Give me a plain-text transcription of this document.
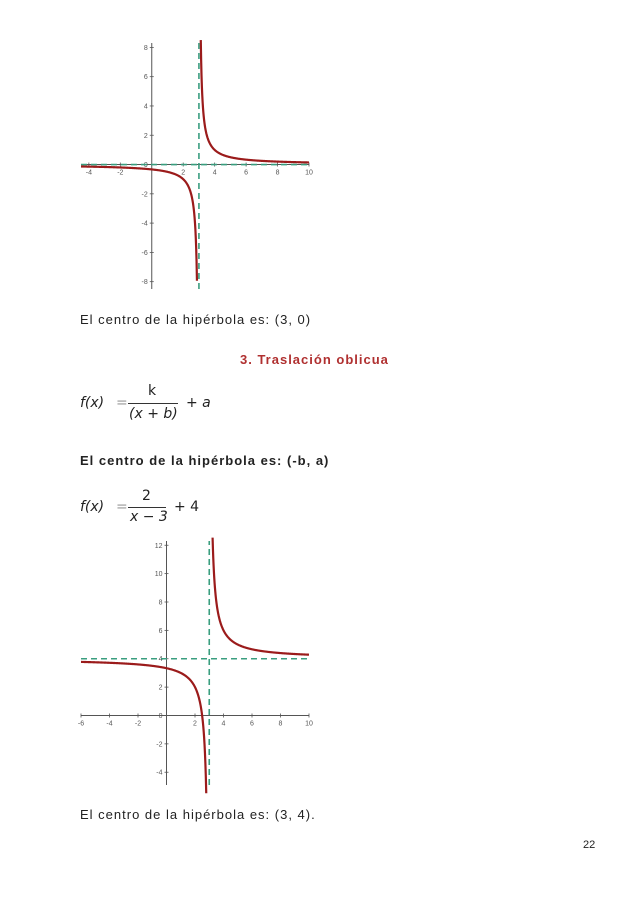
-4	-2	2	4	6	8	10
8
6
4
2
0
-2
-4
-6
-8
El centro de la hipérbola es: (3, 0)
3. Traslación oblicua
f(x) =
k
(x + b)
+ a
El centro de la hipérbola es: (-b, a)
f(x) =
2
x − 3
+ 4
-6	-4	-2	2	4	6	8	10
12
10
8
6
4
2
0
-2
-4
El centro de la hipérbola es: (3, 4).
22
